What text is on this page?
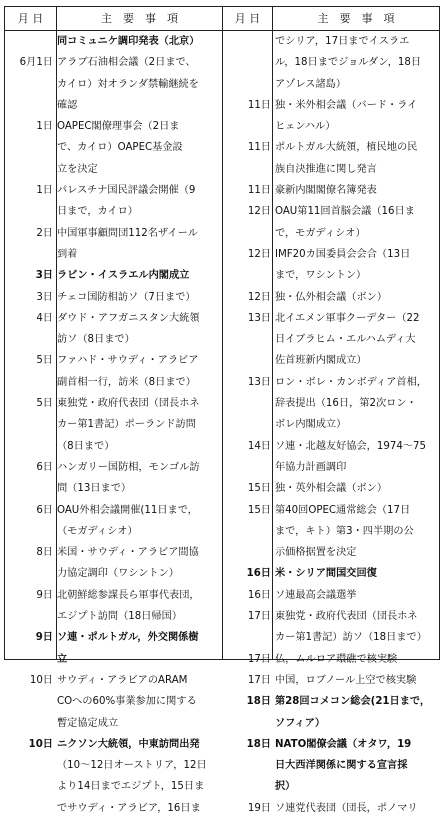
月 日	主　要　事　項	月 日	主　要　事　項
同コミュニケ調印発表（北京）
6月1日 アラブ石油相会議（2日まで、
カイロ）対オランダ禁輸継続を
確認
1日 OAPEC閣僚理事会（2日ま
で、カイロ）OAPEC基金設
立を決定
1日 パレスチナ国民評議会開催（9
日まで，カイロ）
2日 中国軍事顧問団112名ザイール
到着
3日 ラビン・イスラエル内閣成立
3日 チェコ国防相訪ソ（7日まで）
4日 ダウド・アフガニスタン大統領
訪ソ（8日まで）
5日 ファハド・サウディ・アラビア
副首相一行，訪米（8日まで）
5日 東独党・政府代表団（団長ホネ
カー第1書記）ポーランド訪問
（8日まで）
6日 ハンガリー国防相，モンゴル訪
問（13日まで）
6日 OAU外相会議開催(11日まで，
（モガディシオ）
8日 米国・サウディ・アラビア間協
力協定調印（ワシントン）
9日 北朝鮮総参謀長ら軍事代表団，
エジプト訪問（18日帰国）
9日 ソ連・ポルトガル，外交関係樹
立
10日 サウディ・アラビアのARAM
COへの60%事業参加に関する
暫定協定成立
10日 ニクソン大統領，中東訪問出発
（10～12日オーストリア，12日
より14日までエジプト，15日ま
でサウディ・アラビア，16日ま
でシリア，17日までイスラエ
ル，18日までジョルダン，18日
アゾレス諸島）
11日 独・米外相会議（バード・ライ
ヒェンハル）
11日 ポルトガル大統領，植民地の民
族自決推進に関し発言
11日 豪新内閣閣僚名簿発表
12日 OAU第11回首脳会議（16日ま
で，モガディシオ）
12日 IMF20カ国委員会会合（13日
まで，ワシントン）
12日 独・仏外相会議（ボン）
13日 北イエメン軍事クーデター（22
日イブラヒム・エルハムディ大
佐首班新内閣成立）
13日 ロン・ボレ・カンボディア首相，
辞表提出（16日，第2次ロン・
ボレ内閣成立）
14日 ソ連・北越友好協会，1974～75
年協力計画調印
15日 独・英外相会議（ボン）
15日 第40回OPEC通常総会（17日
まで，キト）第3・四半期の公
示価格据置を決定
16日 米・シリア間国交回復
16日 ソ連最高会議選挙
17日 東独党・政府代表団（団長ホネ
カー第1書記）訪ソ（18日まで）
17日 仏，ムルロア環礁で核実験
17日 中国，ロブノール上空で核実験
18日 第28回コメコン総会(21日まで，
ソフィア）
18日 NATO閣僚会議（オタワ，19
日大西洋関係に関する宣言採
択）
19日 ソ連党代表団（団長，ポノマリ
